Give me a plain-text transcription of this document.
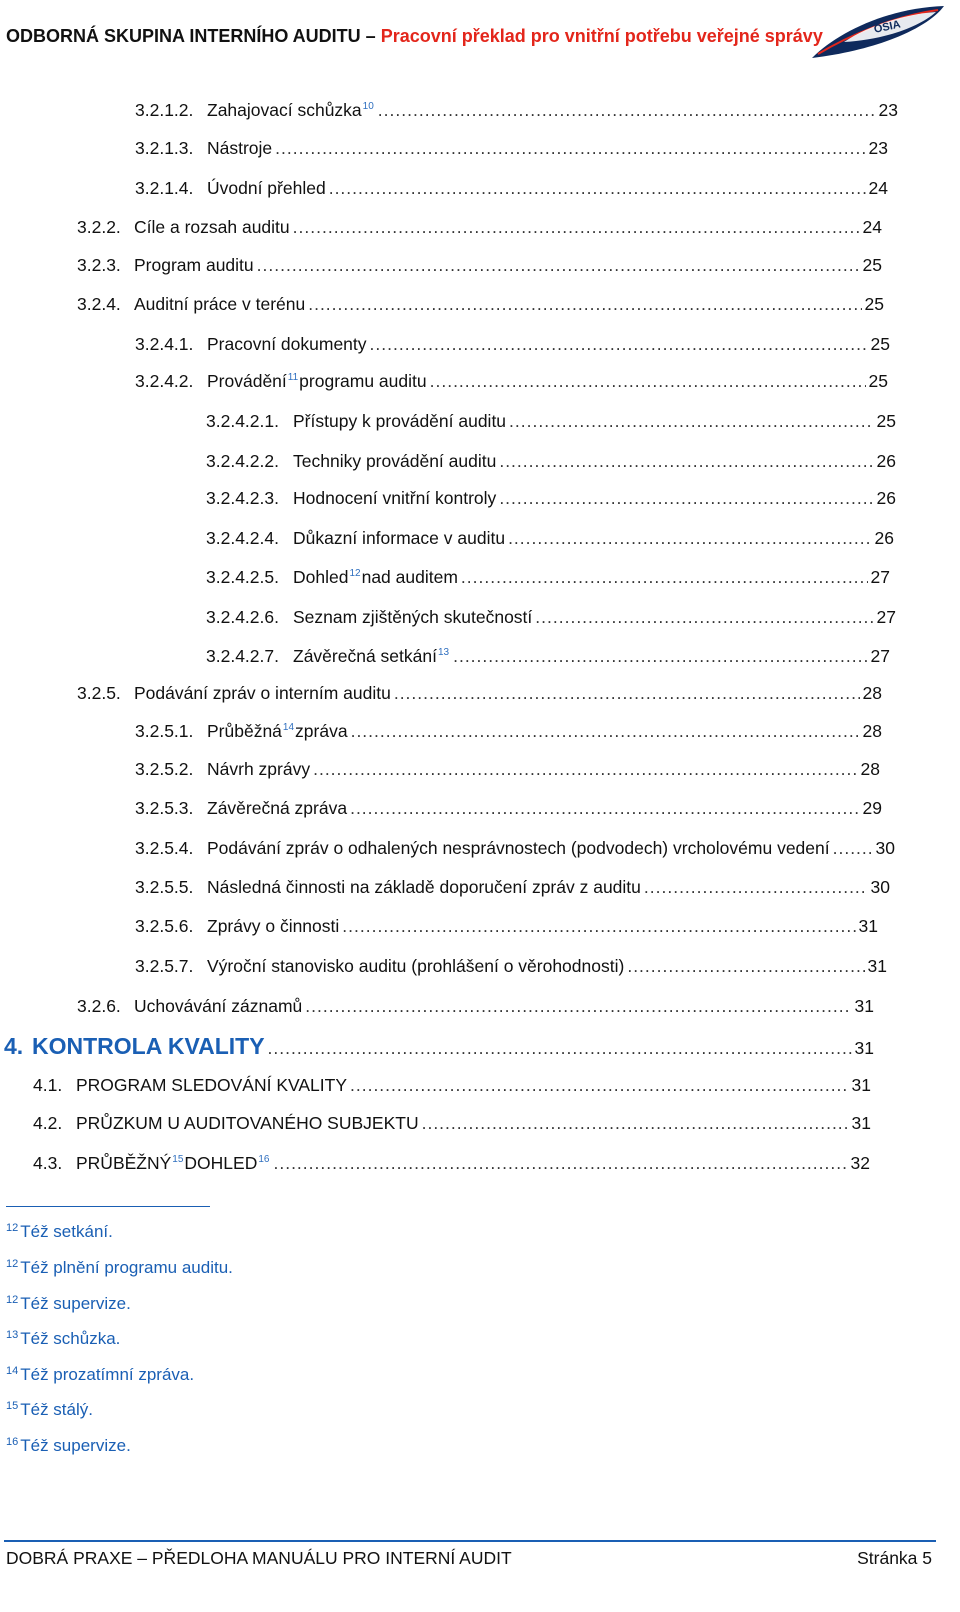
ODBORNÁ SKUPINA INTERNÍHO AUDITU – Pracovní překlad pro vnitřní potřebu veřejné správy	OSIA
3.2.1.2. Zahajovací schůzka$^{10}$ .....	23
3.2.1.3. Nástroje .....	23
3.2.1.4. Úvodní přehled .....	24
3.2.2. Cíle a rozsah auditu .....	24
3.2.3. Program auditu .....	25
3.2.4. Auditní práce v terénu .....	25
3.2.4.1. Pracovní dokumenty .....	25
3.2.4.2. Provádění$^{11}$programu auditu .....	25
3.2.4.2.1. Přístupy k provádění auditu .....	25
3.2.4.2.2. Techniky provádění auditu .....	26
3.2.4.2.3. Hodnocení vnitřní kontroly .....	26
3.2.4.2.4. Důkazní informace v auditu .....	26
3.2.4.2.5. Dohled$^{12}$nad auditem .....	27
3.2.4.2.6. Seznam zjištěných skutečností .....	27
3.2.4.2.7. Závěrečná setkání$^{13}$ .....	27
3.2.5. Podávání zpráv o interním auditu .....	28
3.2.5.1. Průběžná$^{14}$zpráva .....	28
3.2.5.2. Návrh zprávy .....	28
3.2.5.3. Závěrečná zpráva .....	29
3.2.5.4. Podávání zpráv o odhalených nesprávnostech (podvodech) vrcholovému vedení .....	30
3.2.5.5. Následná činnosti na základě doporučení zpráv z auditu .....	30
3.2.5.6. Zprávy o činnosti .....	31
3.2.5.7. Výroční stanovisko auditu (prohlášení o věrohodnosti) .....	31
3.2.6. Uchovávání záznamů .....	31
4. KONTROLA KVALITY .....	31
4.1. PROGRAM SLEDOVÁNÍ KVALITY .....	31
4.2. PRŮZKUM U AUDITOVANÉHO SUBJEKTU .....	31
4.3. PRŮBĚŽNÝ$^{15}$DOHLED$^{16}$ .....	32
$^{12}$ Též setkání.
$^{12}$ Též plnění programu auditu.
$^{12}$ Též supervize.
$^{13}$ Též schůzka.
$^{14}$ Též prozatímní zpráva.
$^{15}$ Též stálý.
$^{16}$ Též supervize.
DOBRÁ PRAXE – PŘEDLOHA MANUÁLU PRO INTERNÍ AUDIT	Stránka 5
